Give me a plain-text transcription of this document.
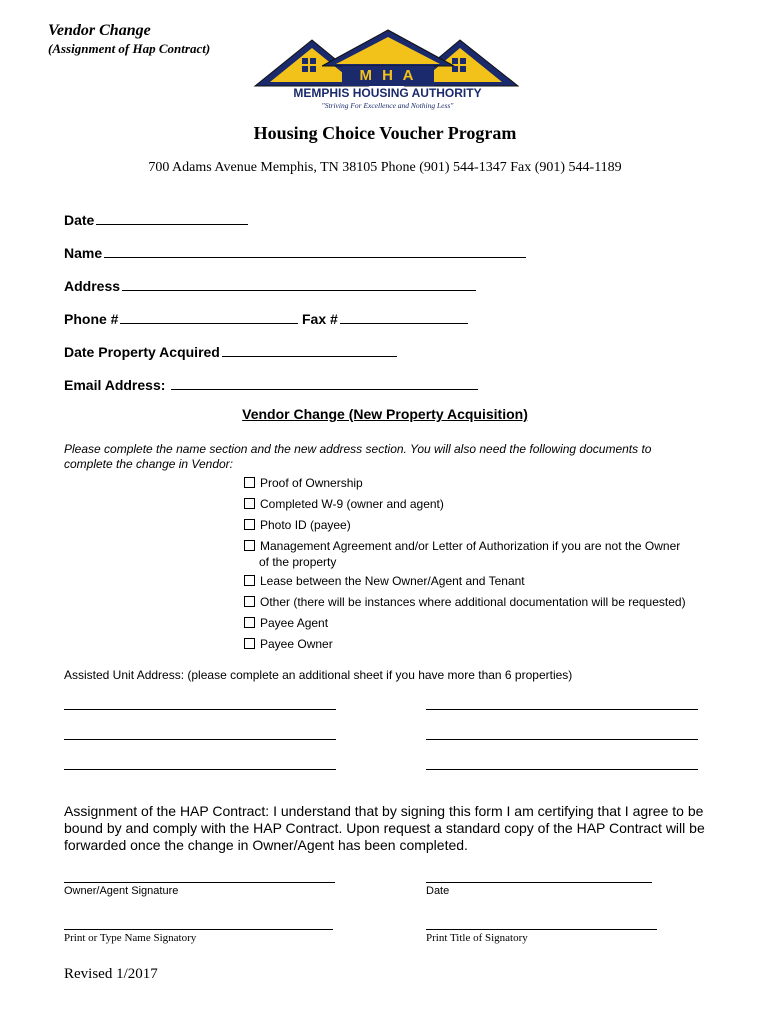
Vendor Change
(Assignment of Hap Contract)
M H A
MEMPHIS HOUSING AUTHORITY
"Striving For Excellence and Nothing Less"
Housing Choice Voucher Program
700 Adams Avenue Memphis, TN 38105 Phone (901) 544-1347 Fax (901) 544-1189
Date
Name
Address
Phone #	Fax #
Date Property Acquired
Email Address:
Vendor Change (New Property Acquisition)
Please complete the name section and the new address section. You will also need the following documents to
complete the change in Vendor:
Proof of Ownership
Completed W-9 (owner and agent)
Photo ID (payee)
Management Agreement and/or Letter of Authorization if you are not the Owner
of the property
Lease between the New Owner/Agent and Tenant
Other (there will be instances where additional documentation will be requested)
Payee Agent
Payee Owner
Assisted Unit Address: (please complete an additional sheet if you have more than 6 properties)
Assignment of the HAP Contract: I understand that by signing this form I am certifying that I agree to be
bound by and comply with the HAP Contract. Upon request a standard copy of the HAP Contract will be
forwarded once the change in Owner/Agent has been completed.
Owner/Agent Signature	Date
Print or Type Name Signatory	Print Title of Signatory
Revised 1/2017
